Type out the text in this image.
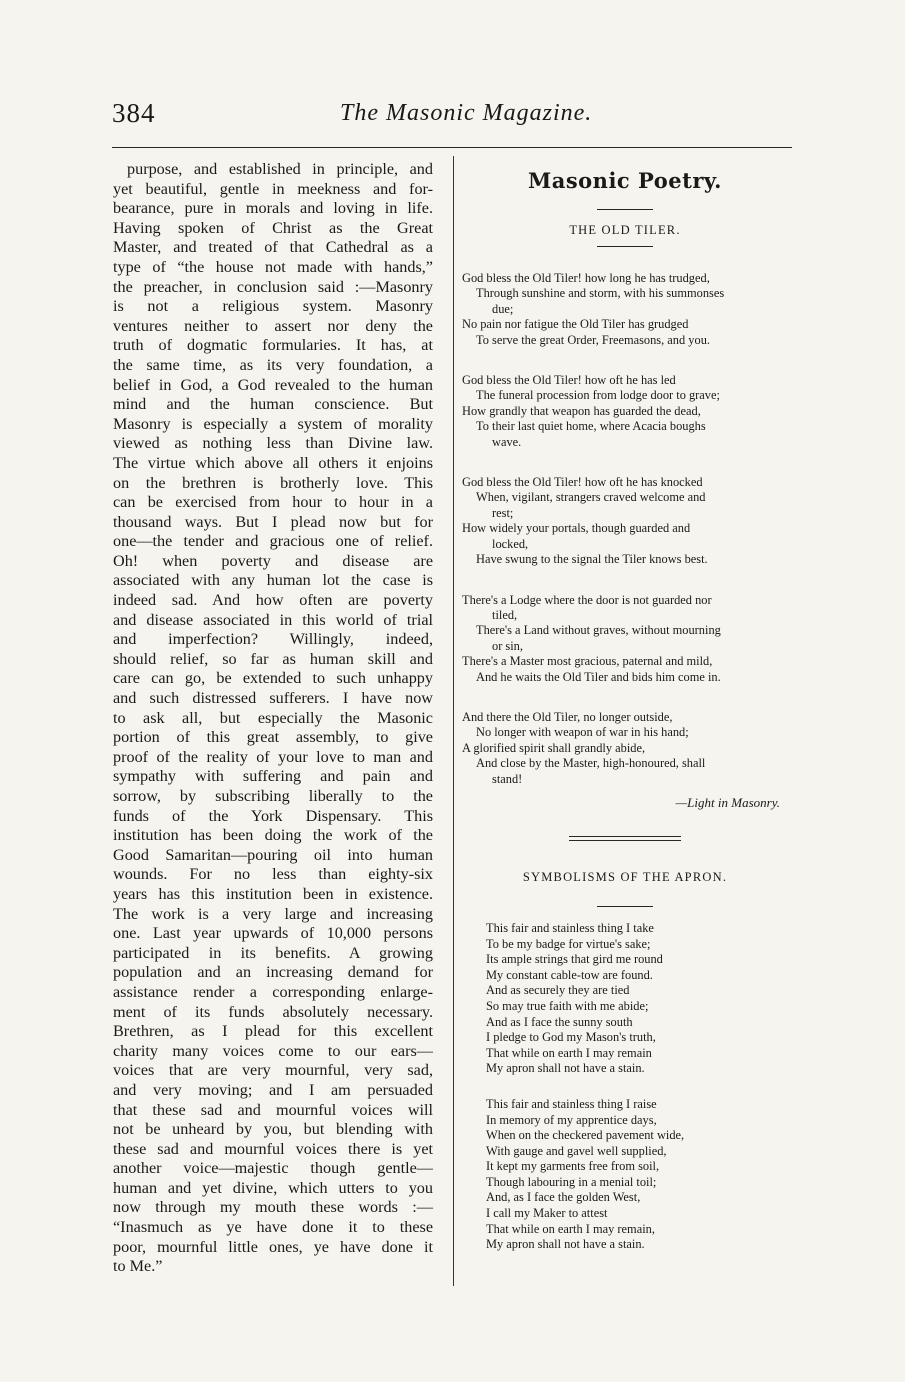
384	The Masonic Magazine.
purpose, and established in principle, and
yet beautiful, gentle in meekness and for-
bearance, pure in morals and loving in life.
Having spoken of Christ as the Great
Master, and treated of that Cathedral as a
type of “the house not made with hands,”
the preacher, in conclusion said :—Masonry
is not a religious system. Masonry
ventures neither to assert nor deny the
truth of dogmatic formularies. It has, at
the same time, as its very foundation, a
belief in God, a God revealed to the human
mind and the human conscience. But
Masonry is especially a system of morality
viewed as nothing less than Divine law.
The virtue which above all others it enjoins
on the brethren is brotherly love. This
can be exercised from hour to hour in a
thousand ways. But I plead now but for
one—the tender and gracious one of relief.
Oh! when poverty and disease are
associated with any human lot the case is
indeed sad. And how often are poverty
and disease associated in this world of trial
and imperfection? Willingly, indeed,
should relief, so far as human skill and
care can go, be extended to such unhappy
and such distressed sufferers. I have now
to ask all, but especially the Masonic
portion of this great assembly, to give
proof of the reality of your love to man and
sympathy with suffering and pain and
sorrow, by subscribing liberally to the
funds of the York Dispensary. This
institution has been doing the work of the
Good Samaritan—pouring oil into human
wounds. For no less than eighty-six
years has this institution been in existence.
The work is a very large and increasing
one. Last year upwards of 10,000 persons
participated in its benefits. A growing
population and an increasing demand for
assistance render a corresponding enlarge-
ment of its funds absolutely necessary.
Brethren, as I plead for this excellent
charity many voices come to our ears—
voices that are very mournful, very sad,
and very moving; and I am persuaded
that these sad and mournful voices will
not be unheard by you, but blending with
these sad and mournful voices there is yet
another voice—majestic though gentle—
human and yet divine, which utters to you
now through my mouth these words :—
“Inasmuch as ye have done it to these
poor, mournful little ones, ye have done it
to Me.”
Masonic Poetry.
THE OLD TILER.
God bless the Old Tiler! how long he has trudged,
Through sunshine and storm, with his summonses
due;
No pain nor fatigue the Old Tiler has grudged
To serve the great Order, Freemasons, and you.
God bless the Old Tiler! how oft he has led
The funeral procession from lodge door to grave;
How grandly that weapon has guarded the dead,
To their last quiet home, where Acacia boughs
wave.
God bless the Old Tiler! how oft he has knocked
When, vigilant, strangers craved welcome and
rest;
How widely your portals, though guarded and
locked,
Have swung to the signal the Tiler knows best.
There's a Lodge where the door is not guarded nor
tiled,
There's a Land without graves, without mourning
or sin,
There's a Master most gracious, paternal and mild,
And he waits the Old Tiler and bids him come in.
And there the Old Tiler, no longer outside,
No longer with weapon of war in his hand;
A glorified spirit shall grandly abide,
And close by the Master, high-honoured, shall
stand!
—Light in Masonry.
SYMBOLISMS OF THE APRON.
This fair and stainless thing I take
To be my badge for virtue's sake;
Its ample strings that gird me round
My constant cable-tow are found.
And as securely they are tied
So may true faith with me abide;
And as I face the sunny south
I pledge to God my Mason's truth,
That while on earth I may remain
My apron shall not have a stain.
This fair and stainless thing I raise
In memory of my apprentice days,
When on the checkered pavement wide,
With gauge and gavel well supplied,
It kept my garments free from soil,
Though labouring in a menial toil;
And, as I face the golden West,
I call my Maker to attest
That while on earth I may remain,
My apron shall not have a stain.
